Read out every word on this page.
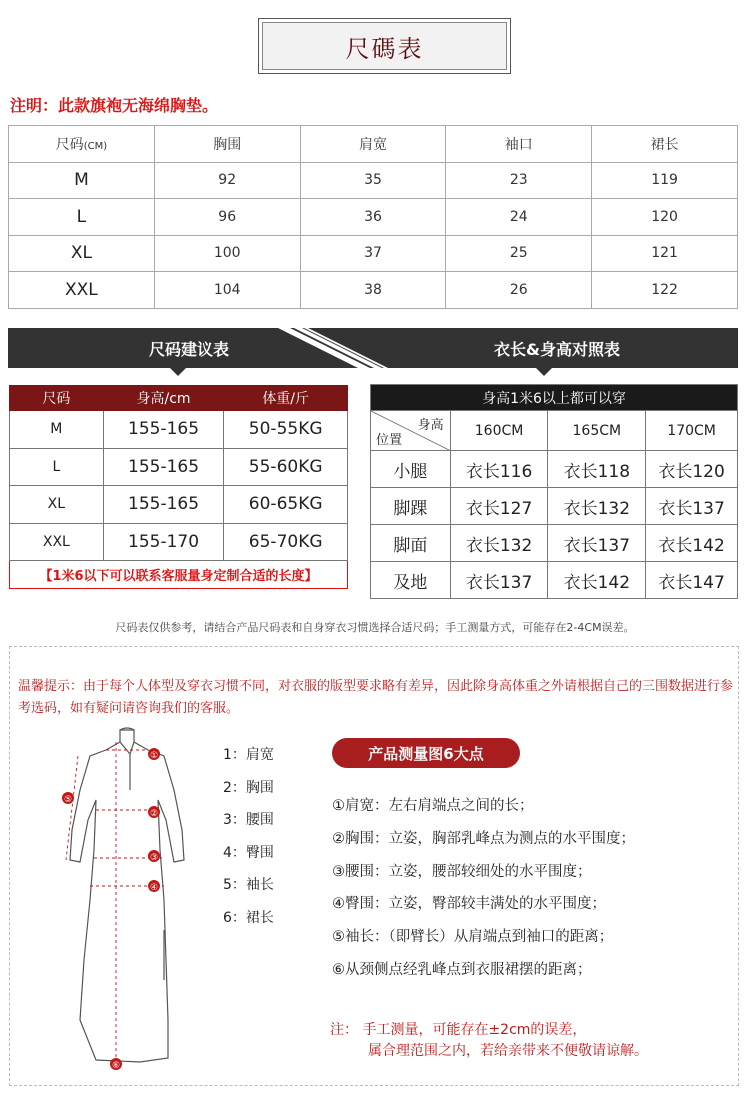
尺碼表
注明：此款旗袍无海绵胸垫。
尺码(CM)	胸围	肩宽	袖口	裙长
M	92	35	23	119
L	96	36	24	120
XL	100	37	25	121
XXL	104	38	26	122
尺码建议表	衣长&身高对照表
尺码	身高/cm	体重/斤
M	155-165	50-55KG
L	155-165	55-60KG
XL	155-165	60-65KG
XXL	155-170	65-70KG
【1米6以下可以联系客服量身定制合适的长度】		
身高1米6以上都可以穿			

身高
位置	160CM	165CM	170CM
小腿	衣长116	衣长118	衣长120
脚踝	衣长127	衣长132	衣长137
脚面	衣长132	衣长137	衣长142
及地	衣长137	衣长142	衣长147
尺码表仅供参考，请结合产品尺码表和自身穿衣习惯选择合适尺码；手工测量方式，可能存在2-4CM误差。
温馨提示：由于每个人体型及穿衣习惯不同，对衣服的版型要求略有差异，因此除身高体重之外请根据自己的三围数据进行参考选码，如有疑问请咨询我们的客服。
①
②
③
④
⑤
⑥
1：肩宽
2：胸围
3：腰围
4：臀围
5：袖长
6：裙长
产品测量图6大点
①肩宽：左右肩端点之间的长；
②胸围：立姿，胸部乳峰点为测点的水平围度；
③腰围：立姿，腰部较细处的水平围度；
④臀围：立姿，臀部较丰满处的水平围度；
⑤袖长：（即臂长）从肩端点到袖口的距离；
⑥从颈侧点经乳峰点到衣服裙摆的距离；
注： 手工测量，可能存在±2cm的误差，
属合理范围之内，若给亲带来不便敬请谅解。
